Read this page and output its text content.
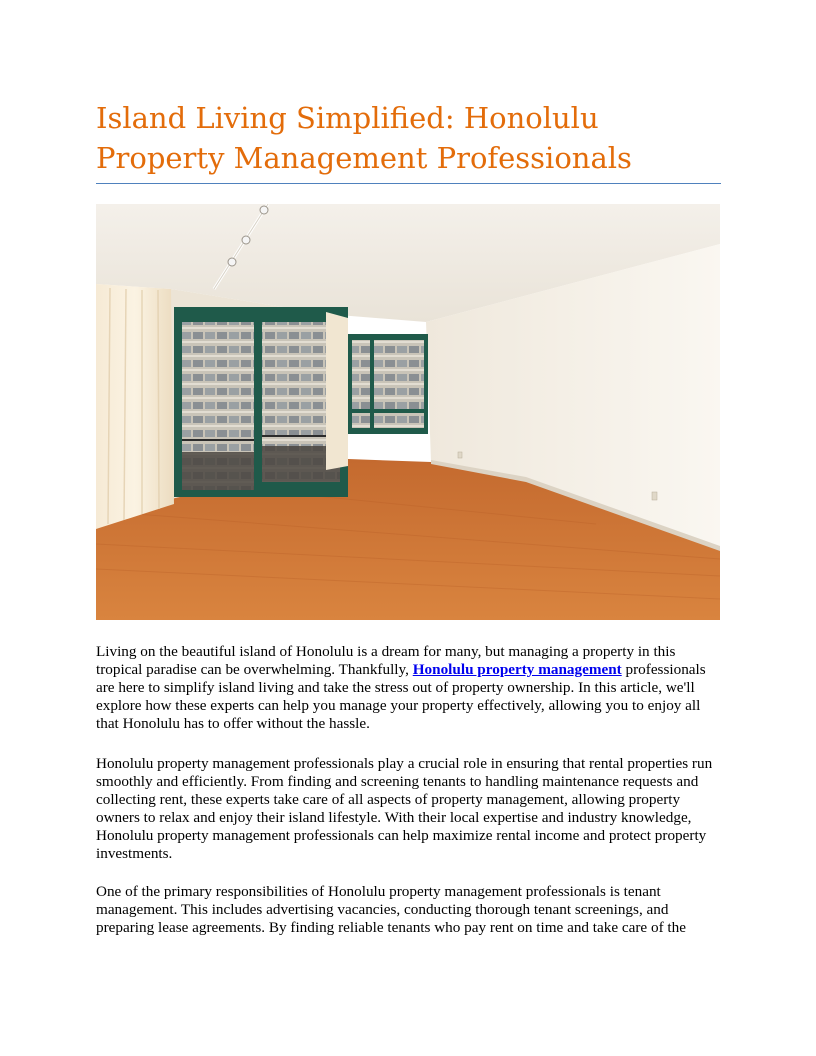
Island Living Simplified: Honolulu
Property Management Professionals

Living on the beautiful island of Honolulu is a dream for many, but managing a property in this tropical paradise can be overwhelming. Thankfully, Honolulu property management professionals are here to simplify island living and take the stress out of property ownership. In this article, we'll explore how these experts can help you manage your property effectively, allowing you to enjoy all that Honolulu has to offer without the hassle.

Honolulu property management professionals play a crucial role in ensuring that rental properties run smoothly and efficiently. From finding and screening tenants to handling maintenance requests and collecting rent, these experts take care of all aspects of property management, allowing property owners to relax and enjoy their island lifestyle. With their local expertise and industry knowledge, Honolulu property management professionals can help maximize rental income and protect property investments.

One of the primary responsibilities of Honolulu property management professionals is tenant management. This includes advertising vacancies, conducting thorough tenant screenings, and preparing lease agreements. By finding reliable tenants who pay rent on time and take care of the
